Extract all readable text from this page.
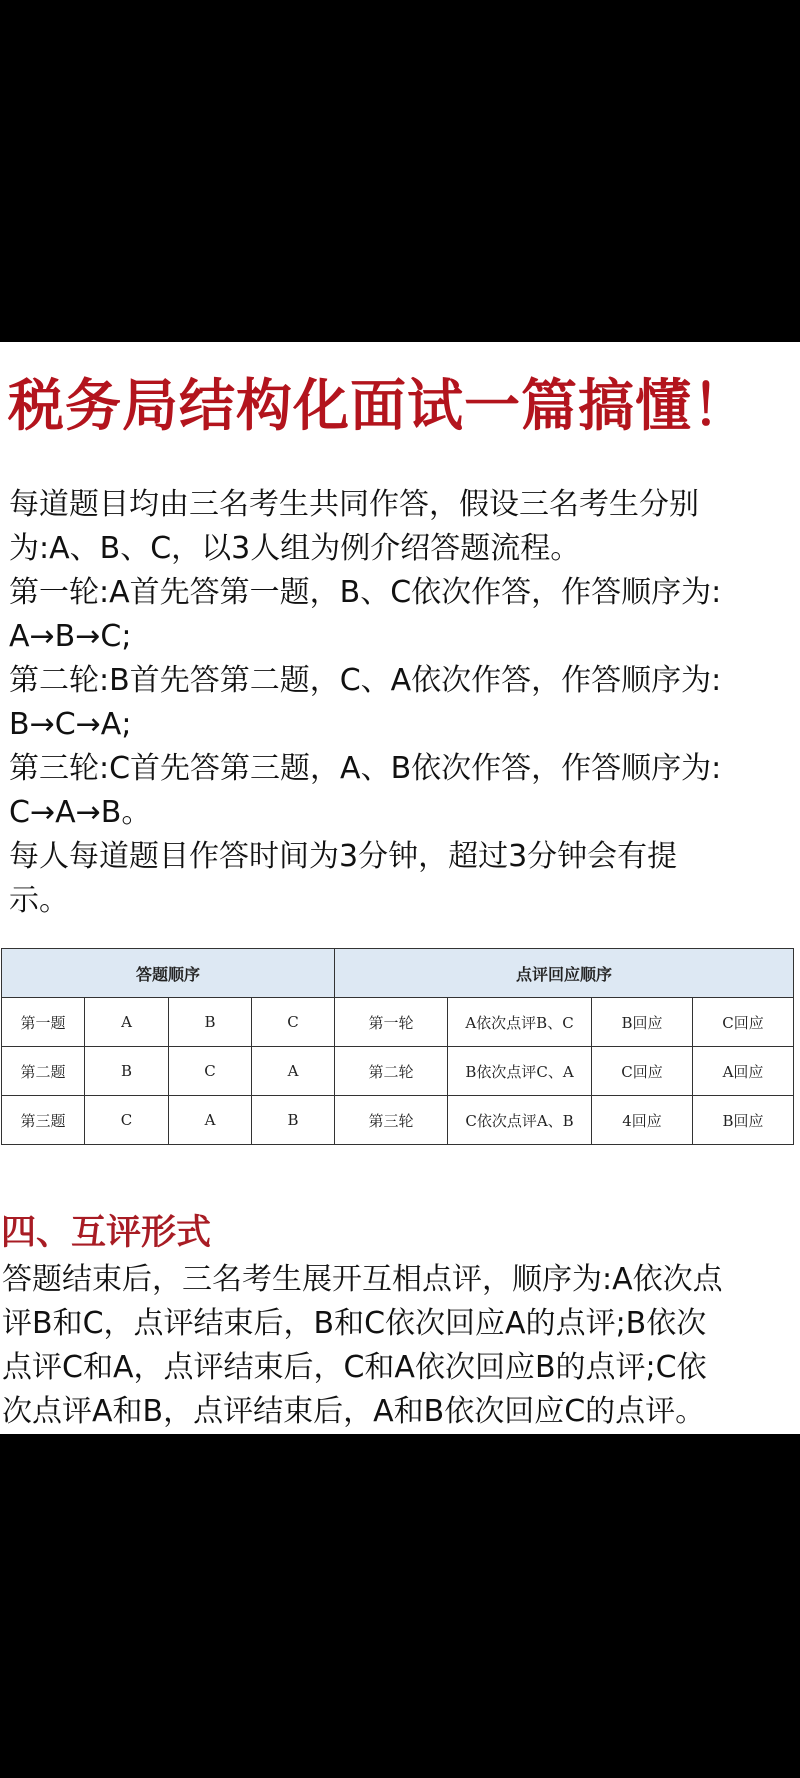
税务局结构化面试一篇搞懂！
每道题目均由三名考生共同作答，假设三名考生分别
为:A、B、C，以3人组为例介绍答题流程。
第一轮:A首先答第一题，B、C依次作答，作答顺序为:
A→B→C;
第二轮:B首先答第二题，C、A依次作答，作答顺序为:
B→C→A;
第三轮:C首先答第三题，A、B依次作答，作答顺序为:
C→A→B。
每人每道题目作答时间为3分钟，超过3分钟会有提
示。
答题顺序				点评回应顺序			
第一题	A	B	C	第一轮	A依次点评B、C	B回应	C回应
第二题	B	C	A	第二轮	B依次点评C、A	C回应	A回应
第三题	C	A	B	第三轮	C依次点评A、B	4回应	B回应
四、互评形式
答题结束后，三名考生展开互相点评，顺序为:A依次点
评B和C，点评结束后，B和C依次回应A的点评;B依次
点评C和A，点评结束后，C和A依次回应B的点评;C依
次点评A和B，点评结束后，A和B依次回应C的点评。
